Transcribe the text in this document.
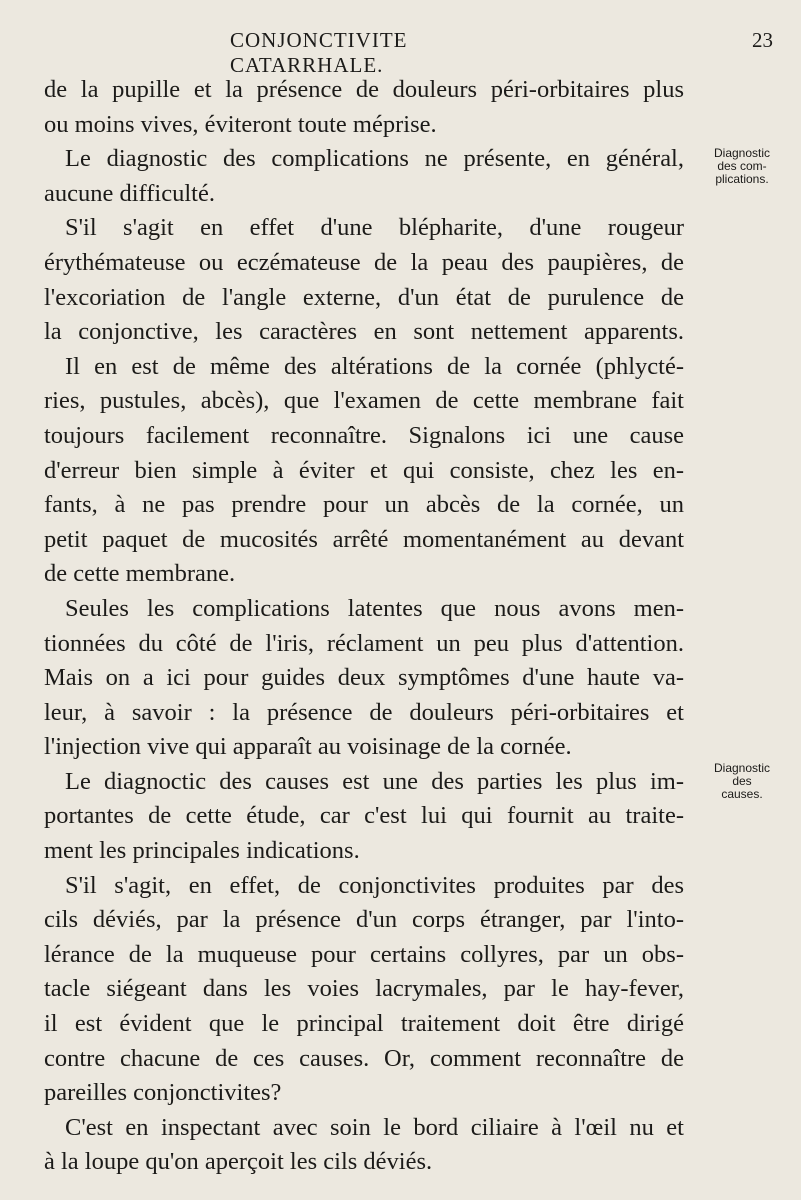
CONJONCTIVITE CATARRHALE.
23
Diagnostic
des com-
plications.
Diagnostic
des
causes.
de la pupille et la présence de douleurs péri-orbitaires plus
ou moins vives, éviteront toute méprise.
Le diagnostic des complications ne présente, en général,
aucune difficulté.
S'il s'agit en effet d'une blépharite, d'une rougeur
érythémateuse ou eczémateuse de la peau des paupières, de
l'excoriation de l'angle externe, d'un état de purulence de
la conjonctive, les caractères en sont nettement apparents.
Il en est de même des altérations de la cornée (phlycté-
ries, pustules, abcès), que l'examen de cette membrane fait
toujours facilement reconnaître. Signalons ici une cause
d'erreur bien simple à éviter et qui consiste, chez les en-
fants, à ne pas prendre pour un abcès de la cornée, un
petit paquet de mucosités arrêté momentanément au devant
de cette membrane.
Seules les complications latentes que nous avons men-
tionnées du côté de l'iris, réclament un peu plus d'attention.
Mais on a ici pour guides deux symptômes d'une haute va-
leur, à savoir : la présence de douleurs péri-orbitaires et
l'injection vive qui apparaît au voisinage de la cornée.
Le diagnoctic des causes est une des parties les plus im-
portantes de cette étude, car c'est lui qui fournit au traite-
ment les principales indications.
S'il s'agit, en effet, de conjonctivites produites par des
cils déviés, par la présence d'un corps étranger, par l'into-
lérance de la muqueuse pour certains collyres, par un obs-
tacle siégeant dans les voies lacrymales, par le hay-fever,
il est évident que le principal traitement doit être dirigé
contre chacune de ces causes. Or, comment reconnaître de
pareilles conjonctivites?
C'est en inspectant avec soin le bord ciliaire à l'œil nu et
à la loupe qu'on aperçoit les cils déviés.
